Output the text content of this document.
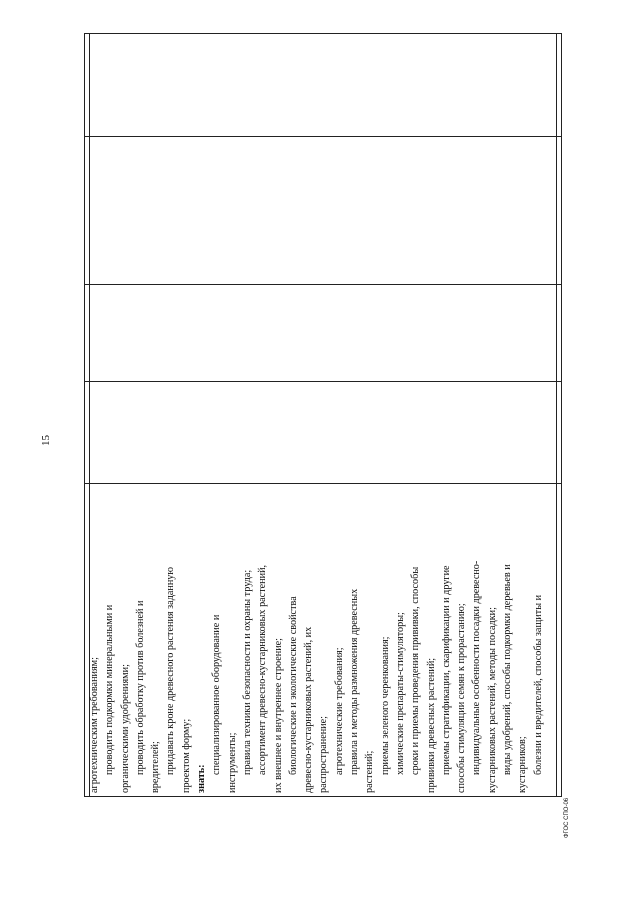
15
агротехническим требованиям; проводить подкормки минеральными и органическими удобрениями; проводить обработку против болезней и вредителей; придавать кроне древесного растения заданную проектом форму; знать:
специализированное оборудование и инструменты; правила техники безопасности и охраны труда; ассортимент древесно-кустарниковых растений, их внешнее и внутреннее строение; биологические и экологические свойства древесно-кустарниковых растений, их распространение; агротехнические требования; правила и методы размножения древесных растений; приемы зеленого черенкования; химические препараты-стимуляторы; сроки и приемы проведения прививки, способы прививки древесных растений; приемы стратификации, скарификации и другие способы стимуляции семян к прорастанию; индивидуальные особенности посадки древесно- кустарниковых растений, методы посадки; виды удобрений, способы подкормки деревьев и кустарников; болезни и вредителей, способы защиты и
ФГОС СПО-06
